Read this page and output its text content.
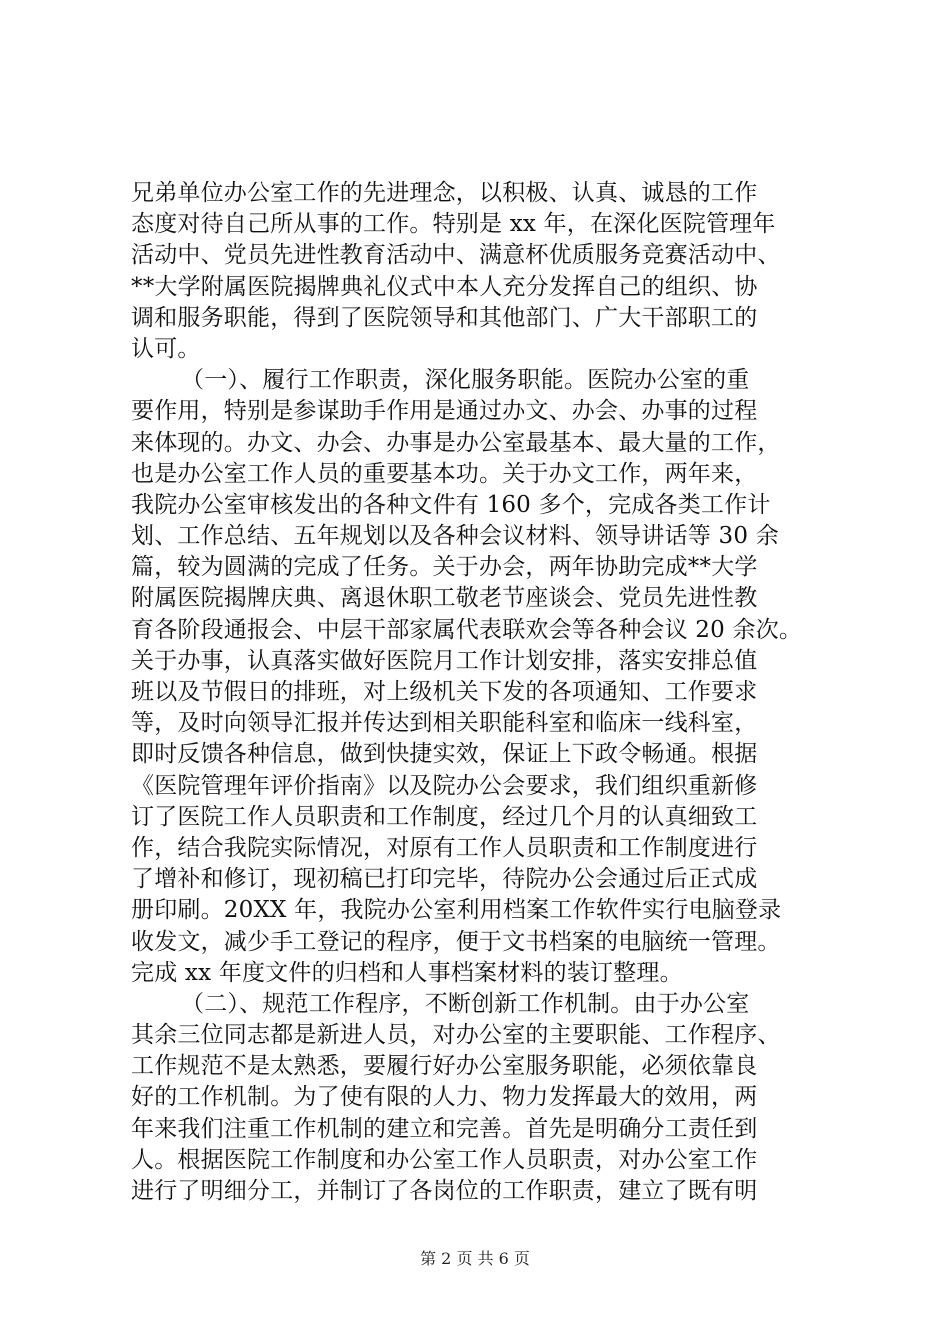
兄弟单位办公室工作的先进理念，以积极、认真、诚恳的工作
态度对待自己所从事的工作。特别是 xx 年，在深化医院管理年
活动中、党员先进性教育活动中、满意杯优质服务竞赛活动中、
**大学附属医院揭牌典礼仪式中本人充分发挥自己的组织、协
调和服务职能，得到了医院领导和其他部门、广大干部职工的
认可。
（一）、履行工作职责，深化服务职能。医院办公室的重
要作用，特别是参谋助手作用是通过办文、办会、办事的过程
来体现的。办文、办会、办事是办公室最基本、最大量的工作，
也是办公室工作人员的重要基本功。关于办文工作，两年来，
我院办公室审核发出的各种文件有 160 多个，完成各类工作计
划、工作总结、五年规划以及各种会议材料、领导讲话等 30 余
篇，较为圆满的完成了任务。关于办会，两年协助完成**大学
附属医院揭牌庆典、离退休职工敬老节座谈会、党员先进性教
育各阶段通报会、中层干部家属代表联欢会等各种会议 20 余次。
关于办事，认真落实做好医院月工作计划安排，落实安排总值
班以及节假日的排班，对上级机关下发的各项通知、工作要求
等，及时向领导汇报并传达到相关职能科室和临床一线科室，
即时反馈各种信息，做到快捷实效，保证上下政令畅通。根据
《医院管理年评价指南》以及院办公会要求，我们组织重新修
订了医院工作人员职责和工作制度，经过几个月的认真细致工
作，结合我院实际情况，对原有工作人员职责和工作制度进行
了增补和修订，现初稿已打印完毕，待院办公会通过后正式成
册印刷。20XX 年，我院办公室利用档案工作软件实行电脑登录
收发文，减少手工登记的程序，便于文书档案的电脑统一管理。
完成 xx 年度文件的归档和人事档案材料的装订整理。
（二）、规范工作程序，不断创新工作机制。由于办公室
其余三位同志都是新进人员，对办公室的主要职能、工作程序、
工作规范不是太熟悉，要履行好办公室服务职能，必须依靠良
好的工作机制。为了使有限的人力、物力发挥最大的效用，两
年来我们注重工作机制的建立和完善。首先是明确分工责任到
人。根据医院工作制度和办公室工作人员职责，对办公室工作
进行了明细分工，并制订了各岗位的工作职责，建立了既有明
第 2 页 共 6 页
